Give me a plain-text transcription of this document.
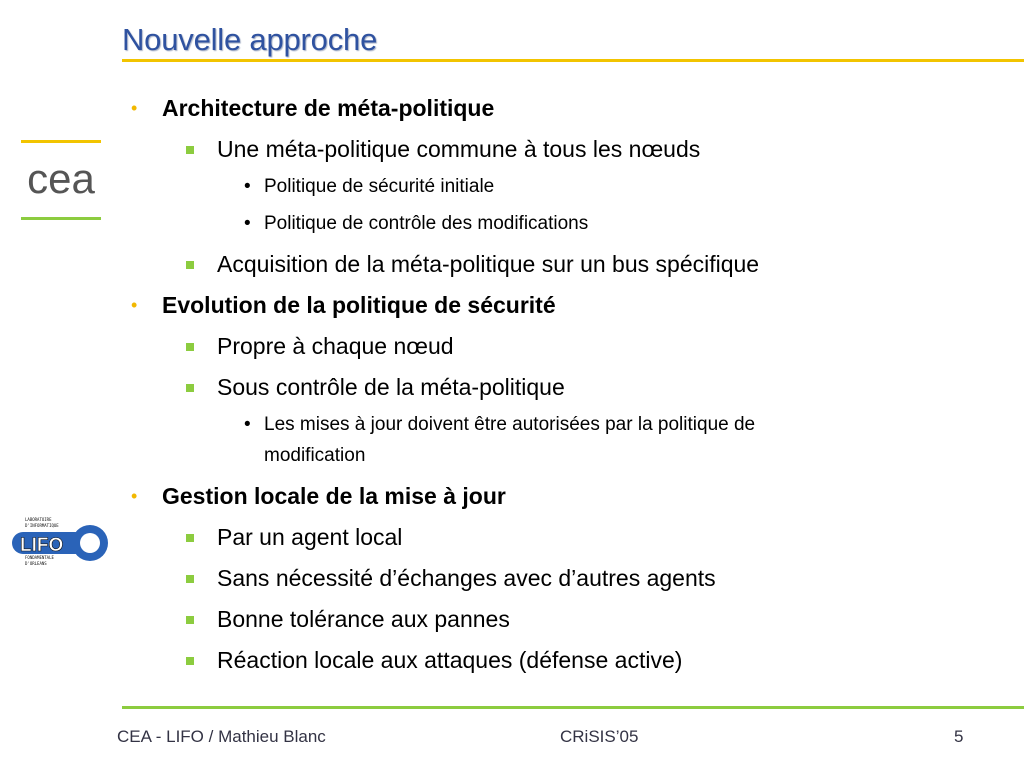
Nouvelle approche
cea
LIFO
LABORATOIRE
D'INFORMATIQUE
FONDAMENTALE
D'ORLEANS
• Architecture de méta-politique
Une méta-politique commune à tous les nœuds
• Politique de sécurité initiale
• Politique de contrôle des modifications
Acquisition de la méta-politique sur un bus spécifique
• Evolution de la politique de sécurité
Propre à chaque nœud
Sous contrôle de la méta-politique
• Les mises à jour doivent être autorisées par la politique de
modification
• Gestion locale de la mise à jour
Par un agent local
Sans nécessité d’échanges avec d’autres agents
Bonne tolérance aux pannes
Réaction locale aux attaques (défense active)
CEA - LIFO / Mathieu Blanc	CRiSIS’05	5
